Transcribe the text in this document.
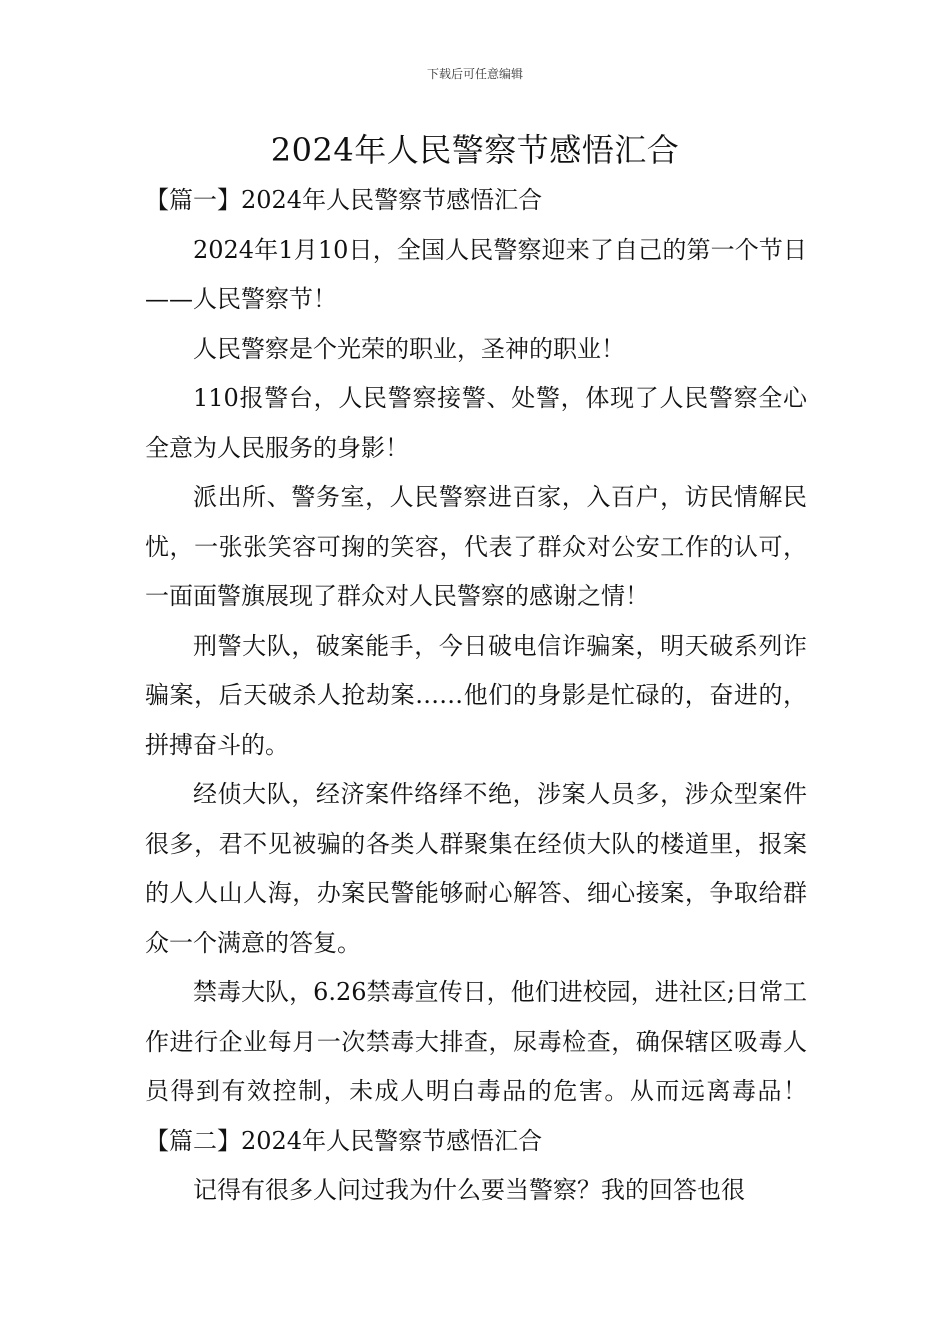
下载后可任意编辑
2024年人民警察节感悟汇合

【篇一】2024年人民警察节感悟汇合

2024年1月10日，全国人民警察迎来了自己的第一个节日——人民警察节！

人民警察是个光荣的职业，圣神的职业！

110报警台，人民警察接警、处警，体现了人民警察全心全意为人民服务的身影！

派出所、警务室，人民警察进百家，入百户，访民情解民忧，一张张笑容可掬的笑容，代表了群众对公安工作的认可，一面面警旗展现了群众对人民警察的感谢之情！

刑警大队，破案能手，今日破电信诈骗案，明天破系列诈骗案，后天破杀人抢劫案……他们的身影是忙碌的，奋进的，拼搏奋斗的。

经侦大队，经济案件络绎不绝，涉案人员多，涉众型案件很多，君不见被骗的各类人群聚集在经侦大队的楼道里，报案的人人山人海，办案民警能够耐心解答、细心接案，争取给群众一个满意的答复。

禁毒大队，6.26禁毒宣传日，他们进校园，进社区;日常工作进行企业每月一次禁毒大排查，尿毒检查，确保辖区吸毒人员得到有效控制，未成人明白毒品的危害。从而远离毒品！【篇二】2024年人民警察节感悟汇合

记得有很多人问过我为什么要当警察？我的回答也很
